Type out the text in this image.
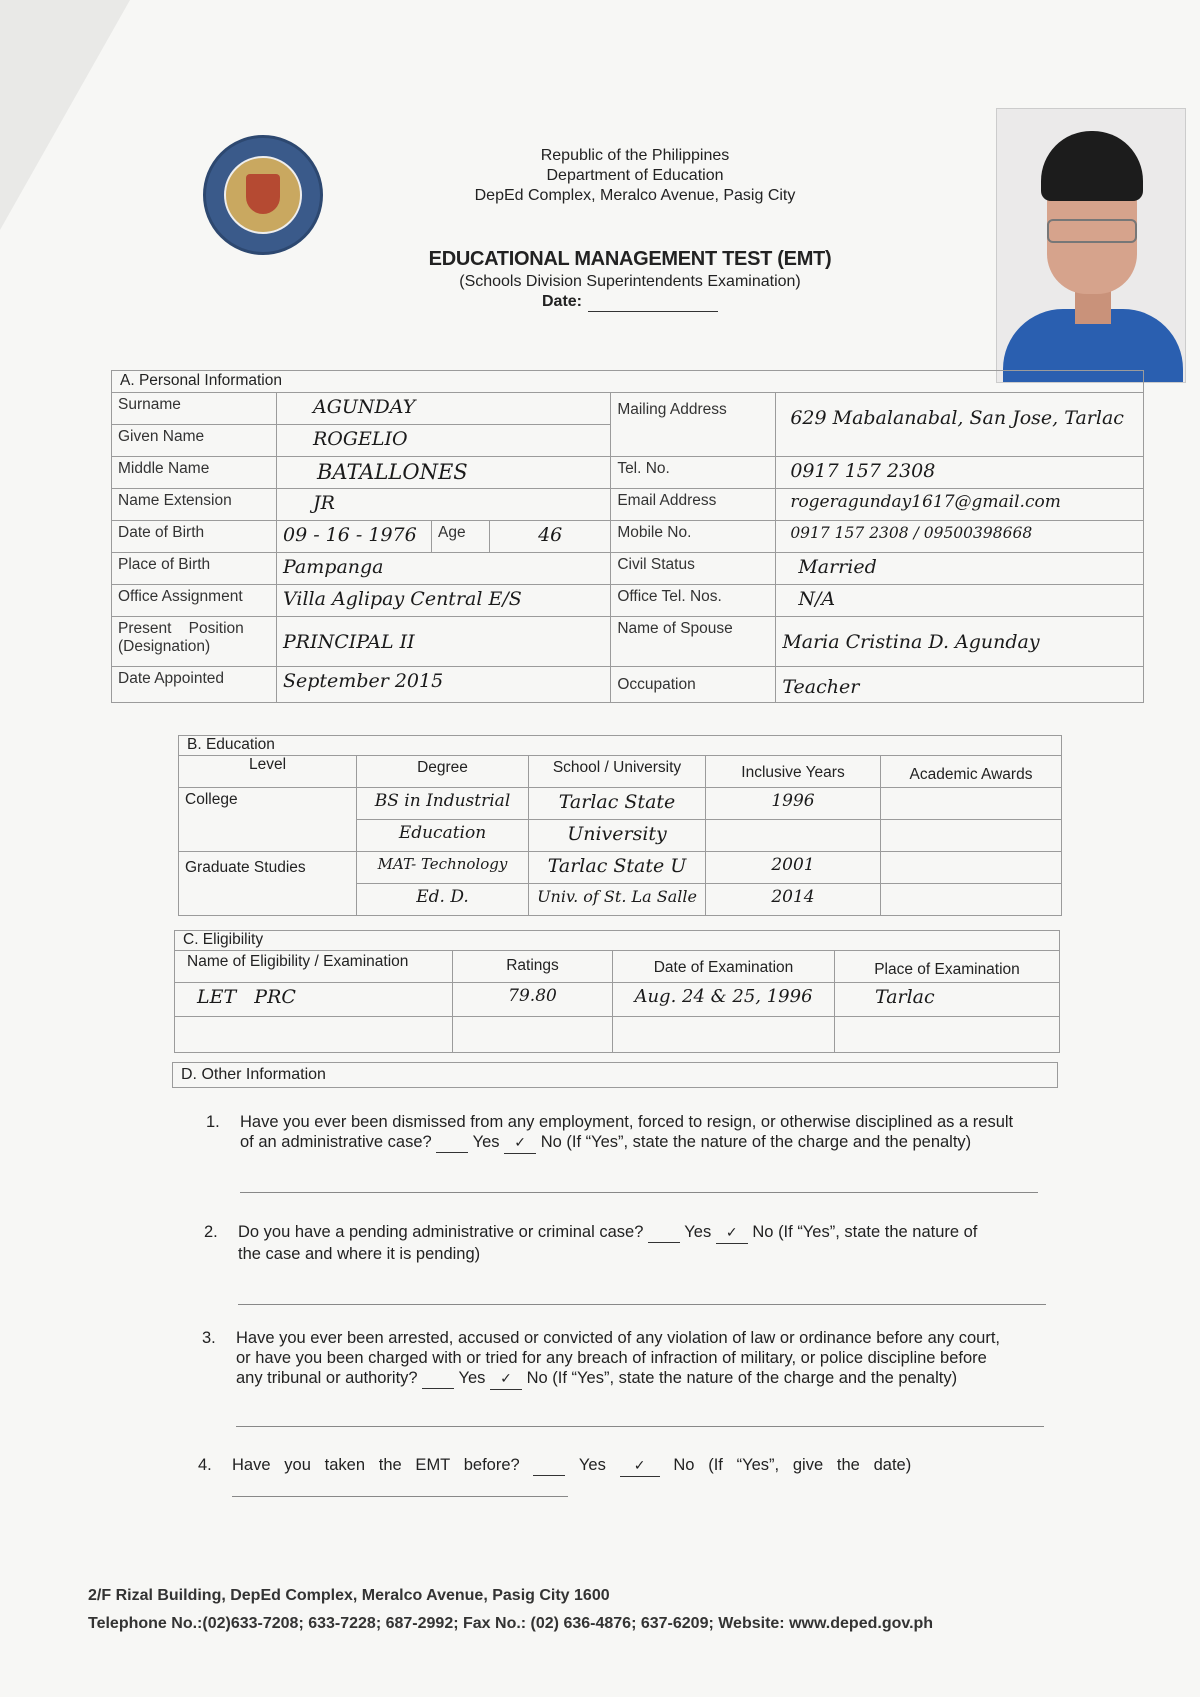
Republic of the Philippines
Department of Education
DepEd Complex, Meralco Avenue, Pasig City
EDUCATIONAL MANAGEMENT TEST (EMT)
(Schools Division Superintendents Examination)
Date:
A. Personal Information					
Surname	AGUNDAY			Mailing Address	629 Mabalanabal, San Jose, Tarlac
Given Name	ROGELIO				
Middle Name	BATALLONES			Tel. No.	0917 157 2308
Name Extension	JR			Email Address	rogeragunday1617@gmail.com
Date of Birth	09 - 16 - 1976	Age	46	Mobile No.	0917 157 2308 / 09500398668
Place of Birth	Pampanga			Civil Status	Married
Office Assignment	Villa Aglipay Central E/S			Office Tel. Nos.	N/A
Present    Position
(Designation)	PRINCIPAL II			Name of Spouse	Maria Cristina D. Agunday
Date Appointed	September 2015			Occupation	Teacher
B. Education				
Level	Degree	School / University	Inclusive Years	Academic Awards
College	BS in Industrial	Tarlac State	1996	
	Education	University		
Graduate Studies	MAT- Technology	Tarlac State U	2001	
	Ed. D.	Univ. of St. La Salle	2014	
C. Eligibility			
Name of Eligibility / Examination	Ratings	Date of Examination	Place of Examination
LET   PRC	79.80	Aug. 24 & 25, 1996	Tarlac

D. Other Information
1. Have you ever been dismissed from any employment, forced to resign, or otherwise disciplined as a result
of an administrative case? Yes ✓ No (If “Yes”, state the nature of the charge and the penalty)
2. Do you have a pending administrative or criminal case? Yes ✓ No (If “Yes”, state the nature of
the case and where it is pending)
3. Have you ever been arrested, accused or convicted of any violation of law or ordinance before any court,
or have you been charged with or tried for any breach of infraction of military, or police discipline before
any tribunal or authority? Yes ✓ No (If “Yes”, state the nature of the charge and the penalty)
4. Have   you   taken   the   EMT   before?	Yes ✓ No   (If   “Yes”,   give   the   date)
2/F Rizal Building, DepEd Complex, Meralco Avenue, Pasig City 1600
Telephone No.:(02)633-7208; 633-7228; 687-2992; Fax No.: (02) 636-4876; 637-6209; Website: www.deped.gov.ph
